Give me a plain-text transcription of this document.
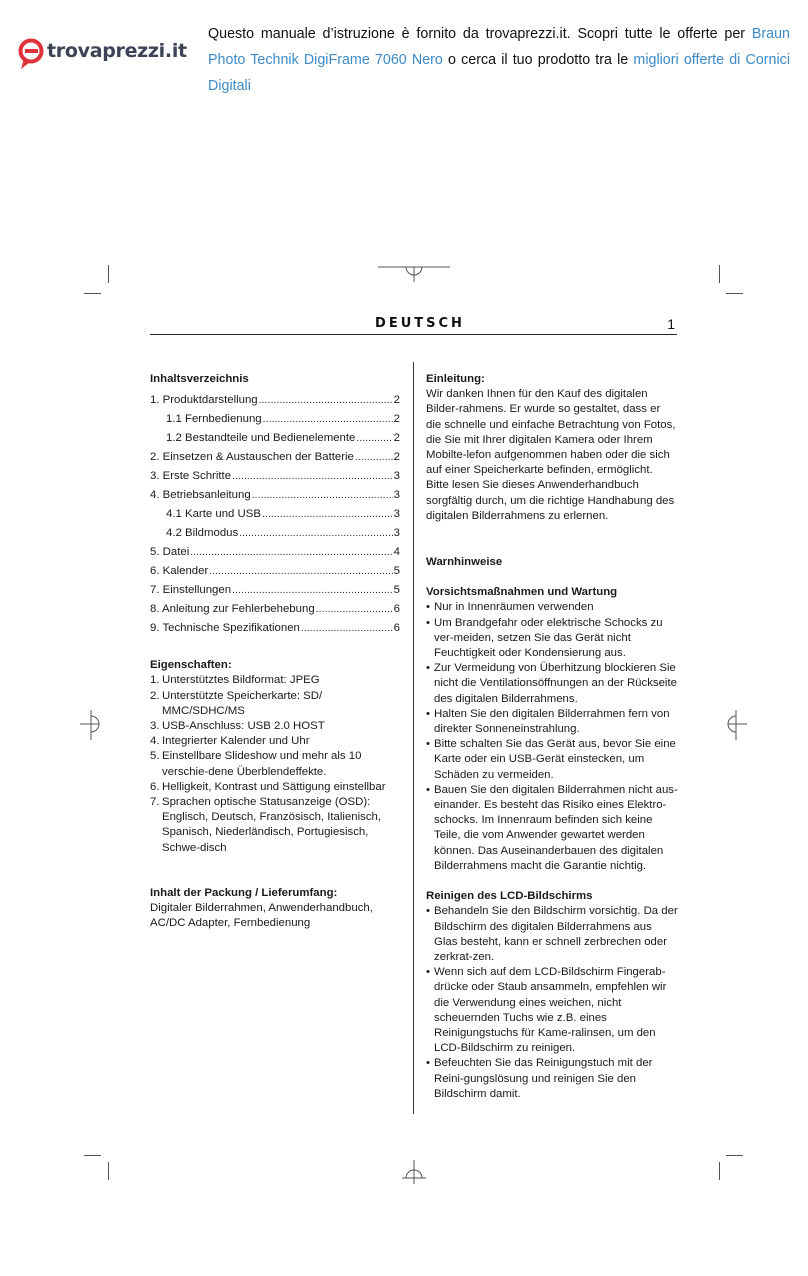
trovaprezzi.it
Questo manuale d’istruzione è fornito da trovaprezzi.it. Scopri tutte le offerte per Braun Photo Technik DigiFrame 7060 Nero o cerca il tuo prodotto tra le migliori offerte di Cornici Digitali
DEUTSCH	1
Inhaltsverzeichnis
1. Produktdarstellung .....	2
1.1 Fernbedienung .....	2
1.2 Bestandteile und Bedienelemente .....	2
2. Einsetzen & Austauschen der Batterie .....	2
3. Erste Schritte .....	3
4. Betriebsanleitung .....	3
4.1 Karte und USB .....	3
4.2 Bildmodus .....	3
5. Datei .....	4
6. Kalender .....	5
7. Einstellungen .....	5
8. Anleitung zur Fehlerbehebung .....	6
9. Technische Spezifikationen .....	6
Eigenschaften:
1. Unterstütztes Bildformat: JPEG
2. Unterstützte Speicherkarte: SD/ MMC/SDHC/MS
3. USB-Anschluss: USB 2.0 HOST
4. Integrierter Kalender und Uhr
5. Einstellbare Slideshow und mehr als 10 verschie-dene Überblendeffekte.
6. Helligkeit, Kontrast und Sättigung einstellbar
7. Sprachen optische Statusanzeige (OSD): Englisch, Deutsch, Französisch, Italienisch, Spanisch, Niederländisch, Portugiesisch, Schwe-disch
Inhalt der Packung / Lieferumfang:

Digitaler Bilderrahmen, Anwenderhandbuch, AC/DC Adapter, Fernbedienung

Einleitung:

Wir danken Ihnen für den Kauf des digitalen Bilder-rahmens. Er wurde so gestaltet, dass er die schnelle und einfache Betrachtung von Fotos, die Sie mit Ihrer digitalen Kamera oder Ihrem Mobilte-lefon aufgenommen haben oder die sich auf einer Speicherkarte befinden, ermöglicht. Bitte lesen Sie dieses Anwenderhandbuch sorgfältig durch, um die richtige Handhabung des digitalen Bilderrahmens zu erlernen.

Warnhinweise
Vorsichtsmaßnahmen und Wartung
• Nur in Innenräumen verwenden
• Um Brandgefahr oder elektrische Schocks zu ver-meiden, setzen Sie das Gerät nicht Feuchtigkeit oder Kondensierung aus.
• Zur Vermeidung von Überhitzung blockieren Sie nicht die Ventilationsöffnungen an der Rückseite des digitalen Bilderrahmens.
• Halten Sie den digitalen Bilderrahmen fern von direkter Sonneneinstrahlung.
• Bitte schalten Sie das Gerät aus, bevor Sie eine Karte oder ein USB-Gerät einstecken, um Schäden zu vermeiden.
• Bauen Sie den digitalen Bilderrahmen nicht aus-einander. Es besteht das Risiko eines Elektro-schocks. Im Innenraum befinden sich keine Teile, die vom Anwender gewartet werden können. Das Auseinanderbauen des digitalen Bilderrahmens macht die Garantie nichtig.
Reinigen des LCD-Bildschirms
• Behandeln Sie den Bildschirm vorsichtig. Da der Bildschirm des digitalen Bilderrahmens aus Glas besteht, kann er schnell zerbrechen oder zerkrat-zen.
• Wenn sich auf dem LCD-Bildschirm Fingerab-drücke oder Staub ansammeln, empfehlen wir die Verwendung eines weichen, nicht scheuernden Tuchs wie z.B. eines Reinigungstuchs für Kame-ralinsen, um den LCD-Bildschirm zu reinigen.
• Befeuchten Sie das Reinigungstuch mit der Reini-gungslösung und reinigen Sie den Bildschirm damit.
